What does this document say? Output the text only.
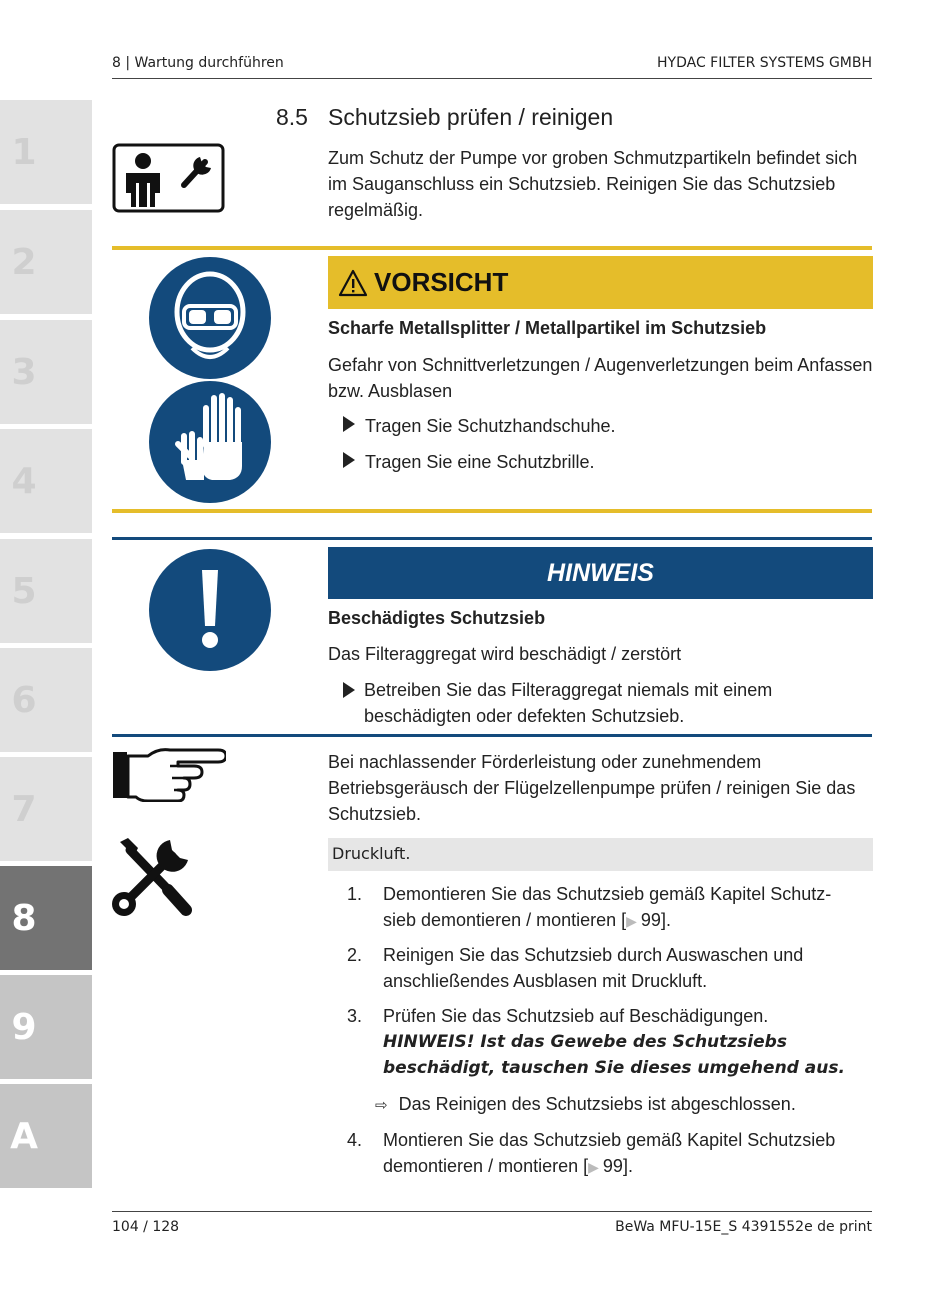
8 | Wartung durchführen	HYDAC FILTER SYSTEMS GMBH
1
2
3
4
5
6
7
8
9
A
8.5 Schutzsieb prüfen / reinigen
Zum Schutz der Pumpe vor groben Schmutzpartikeln befindet sich im Sauganschluss ein Schutzsieb. Reinigen Sie das Schutzsieb regelmäßig.
VORSICHT
Scharfe Metallsplitter / Metallpartikel im Schutzsieb
Gefahr von Schnittverletzungen / Augenverletzungen beim Anfassen bzw. Ausblasen
Tragen Sie Schutzhandschuhe.
Tragen Sie eine Schutzbrille.
HINWEIS
Beschädigtes Schutzsieb
Das Filteraggregat wird beschädigt / zerstört
Betreiben Sie das Filteraggregat niemals mit einem beschädigten oder defekten Schutzsieb.
Bei nachlassender Förderleistung oder zunehmendem Betriebsgeräusch der Flügelzellenpumpe prüfen / reinigen Sie das Schutzsieb.
Druckluft.
1. Demontieren Sie das Schutzsieb gemäß Kapitel Schutz-
sieb demontieren / montieren [▶ 99].
2. Reinigen Sie das Schutzsieb durch Auswaschen und anschließendes Ausblasen mit Druckluft.
3. Prüfen Sie das Schutzsieb auf Beschädigungen.
HINWEIS! Ist das Gewebe des Schutzsiebs beschädigt, tauschen Sie dieses umgehend aus.
⇨ Das Reinigen des Schutzsiebs ist abgeschlossen.
4. Montieren Sie das Schutzsieb gemäß Kapitel Schutzsieb
demontieren / montieren [▶ 99].
104 / 128	BeWa MFU-15E_S 4391552e de print
